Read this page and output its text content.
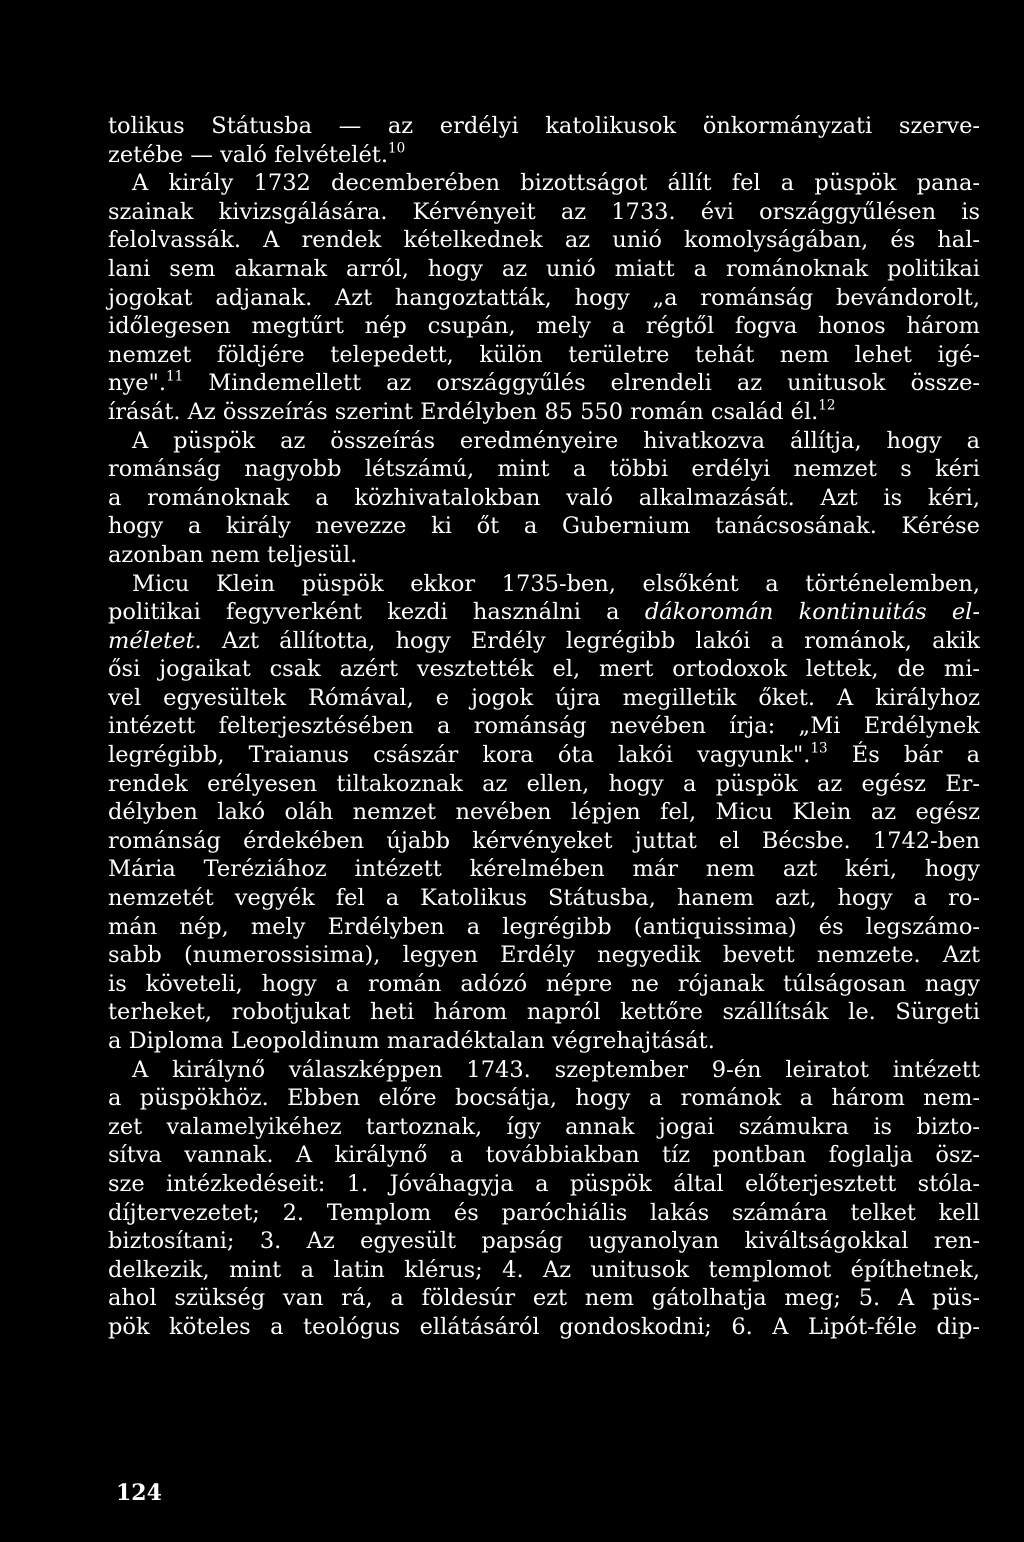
tolikus Státusba — az erdélyi katolikusok önkormányzati szerve-
zetébe — való felvételét.$^{10}$
A király 1732 decemberében bizottságot állít fel a püspök pana-
szainak kivizsgálására. Kérvényeit az 1733. évi országgyűlésen is
felolvassák. A rendek kételkednek az unió komolyságában, és hal-
lani sem akarnak arról, hogy az unió miatt a románoknak politikai
jogokat adjanak. Azt hangoztatták, hogy „a románság bevándorolt,
időlegesen megtűrt nép csupán, mely a régtől fogva honos három
nemzet földjére telepedett, külön területre tehát nem lehet igé-
nye".$^{11}$ Mindemellett az országgyűlés elrendeli az unitusok össze-
írását. Az összeírás szerint Erdélyben 85 550 román család él.$^{12}$
A püspök az összeírás eredményeire hivatkozva állítja, hogy a
románság nagyobb létszámú, mint a többi erdélyi nemzet s kéri
a románoknak a közhivatalokban való alkalmazását. Azt is kéri,
hogy a király nevezze ki őt a Gubernium tanácsosának. Kérése
azonban nem teljesül.
Micu Klein püspök ekkor 1735-ben, elsőként a történelemben,
politikai fegyverként kezdi használni a dákoromán kontinuitás el-
méletet. Azt állította, hogy Erdély legrégibb lakói a románok, akik
ősi jogaikat csak azért vesztették el, mert ortodoxok lettek, de mi-
vel egyesültek Rómával, e jogok újra megilletik őket. A királyhoz
intézett felterjesztésében a románság nevében írja: „Mi Erdélynek
legrégibb, Traianus császár kora óta lakói vagyunk".$^{13}$ És bár a
rendek erélyesen tiltakoznak az ellen, hogy a püspök az egész Er-
délyben lakó oláh nemzet nevében lépjen fel, Micu Klein az egész
románság érdekében újabb kérvényeket juttat el Bécsbe. 1742-ben
Mária Teréziához intézett kérelmében már nem azt kéri, hogy
nemzetét vegyék fel a Katolikus Státusba, hanem azt, hogy a ro-
mán nép, mely Erdélyben a legrégibb (antiquissima) és legszámo-
sabb (numerossisima), legyen Erdély negyedik bevett nemzete. Azt
is követeli, hogy a román adózó népre ne rójanak túlságosan nagy
terheket, robotjukat heti három napról kettőre szállítsák le. Sürgeti
a Diploma Leopoldinum maradéktalan végrehajtását.
A királynő válaszképpen 1743. szeptember 9-én leiratot intézett
a püspökhöz. Ebben előre bocsátja, hogy a románok a három nem-
zet valamelyikéhez tartoznak, így annak jogai számukra is bizto-
sítva vannak. A királynő a továbbiakban tíz pontban foglalja ösz-
sze intézkedéseit: 1. Jóváhagyja a püspök által előterjesztett stóla-
díjtervezetet; 2. Templom és paróchiális lakás számára telket kell
biztosítani; 3. Az egyesült papság ugyanolyan kiváltságokkal ren-
delkezik, mint a latin klérus; 4. Az unitusok templomot építhetnek,
ahol szükség van rá, a földesúr ezt nem gátolhatja meg; 5. A püs-
pök köteles a teológus ellátásáról gondoskodni; 6. A Lipót-féle dip-
124
